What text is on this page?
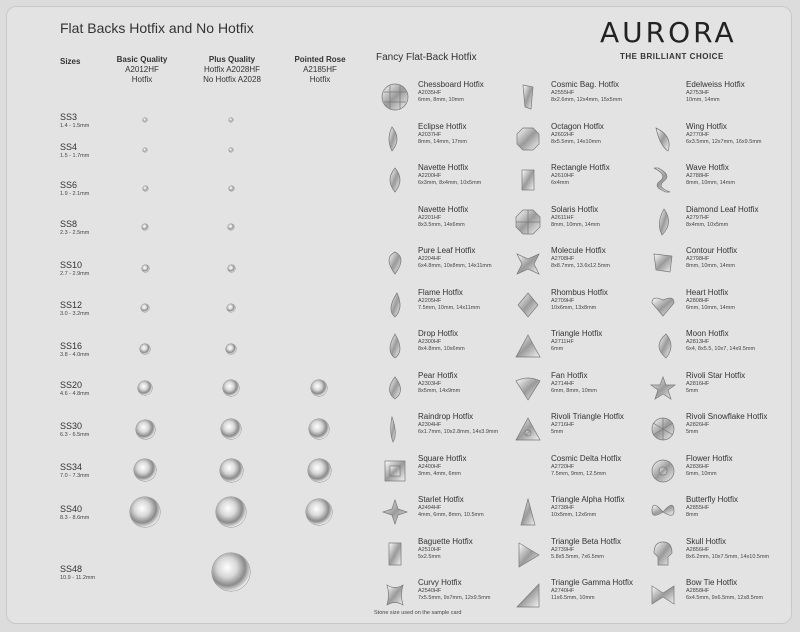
Flat Backs Hotfix and No Hotfix
Sizes	Basic Quality
A2012HF
Hotfix
Plus Quality
Hotfix A2028HF
No Hotfix A2028
Pointed Rose
A2185HF
Hotfix
SS3
1.4 - 1.5mm
SS4
1.5 - 1.7mm
SS6
1.9 - 2.1mm
SS8
2.3 - 2.5mm
SS10
2.7 - 2.9mm
SS12
3.0 - 3.2mm
SS16
3.8 - 4.0mm
SS20
4.6 - 4.8mm
SS30
6.3 - 6.5mm
SS34
7.0 - 7.3mm
SS40
8.3 - 8.6mm
SS48
10.9 - 11.2mm
Fancy Flat-Back Hotfix
AURORA
THE BRILLIANT CHOICE
Chessboard Hotfix
A2035HF
6mm, 8mm, 10mm
Eclipse Hotfix
A2037HF
8mm, 14mm, 17mm
Navette Hotfix
A2200HF
6x3mm, 8x4mm, 10x5mm
Navette Hotfix
A2201HF
8x3.5mm, 14x6mm
Pure Leaf Hotfix
A2204HF
6x4.8mm, 10x8mm, 14x11mm
Flame Hotfix
A2205HF
7.5mm, 10mm, 14x11mm
Drop Hotfix
A2300HF
8x4.8mm, 10x6mm
Pear Hotfix
A2303HF
8x5mm, 14x9mm
Raindrop Hotfix
A2304HF
6x1.7mm, 10x2.8mm, 14x3.9mm
Square Hotfix
A2400HF
3mm, 4mm, 6mm
Starlet Hotfix
A2494HF
4mm, 6mm, 8mm, 10.5mm
Baguette Hotfix
A2510HF
5x2.5mm
Curvy Hotfix
A2540HF
7x5.5mm, 9x7mm, 12x9.5mm
Cosmic Bag. Hotfix
A2555HF
8x2.6mm, 12x4mm, 15x5mm
Octagon Hotfix
A2602HF
8x5.5mm, 14x10mm
Rectangle Hotfix
A2610HF
6x4mm
Solaris Hotfix
A2611HF
8mm, 10mm, 14mm
Molecule Hotfix
A2708HF
8x8.7mm, 13.6x12.5mm
Rhombus Hotfix
A2709HF
10x6mm, 13x8mm
Triangle Hotfix
A2711HF
6mm
Fan Hotfix
A2714HF
6mm, 8mm, 10mm
Rivoli Triangle Hotfix
A2716HF
5mm
Cosmic Delta Hotfix
A2720HF
7.5mm, 9mm, 12.5mm
Triangle Alpha Hotfix
A2738HF
10x5mm, 12x6mm
Triangle Beta Hotfix
A2739HF
5.8x5.5mm, 7x6.5mm
Triangle Gamma Hotfix
A2740HF
11x6.5mm, 10mm
Edelweiss Hotfix
A2753HF
10mm, 14mm
Wing Hotfix
A2770HF
6x3.5mm, 12x7mm, 16x9.5mm
Wave Hotfix
A2788HF
8mm, 10mm, 14mm
Diamond Leaf Hotfix
A2797HF
8x4mm, 10x5mm
Contour Hotfix
A2798HF
8mm, 10mm, 14mm
Heart Hotfix
A2808HF
6mm, 10mm, 14mm
Moon Hotfix
A2813HF
6x4, 8x5.5, 10x7, 14x9.5mm
Rivoli Star Hotfix
A2816HF
5mm
Rivoli Snowflake Hotfix
A2826HF
5mm
Flower Hotfix
A2836HF
6mm, 10mm
Butterfly Hotfix
A2855HF
8mm
Skull Hotfix
A2856HF
8x6.2mm, 10x7.5mm, 14x10.5mm
Bow Tie Hotfix
A2858HF
6x4.5mm, 9x6.5mm, 12x8.5mm
Stone size used on the sample card
